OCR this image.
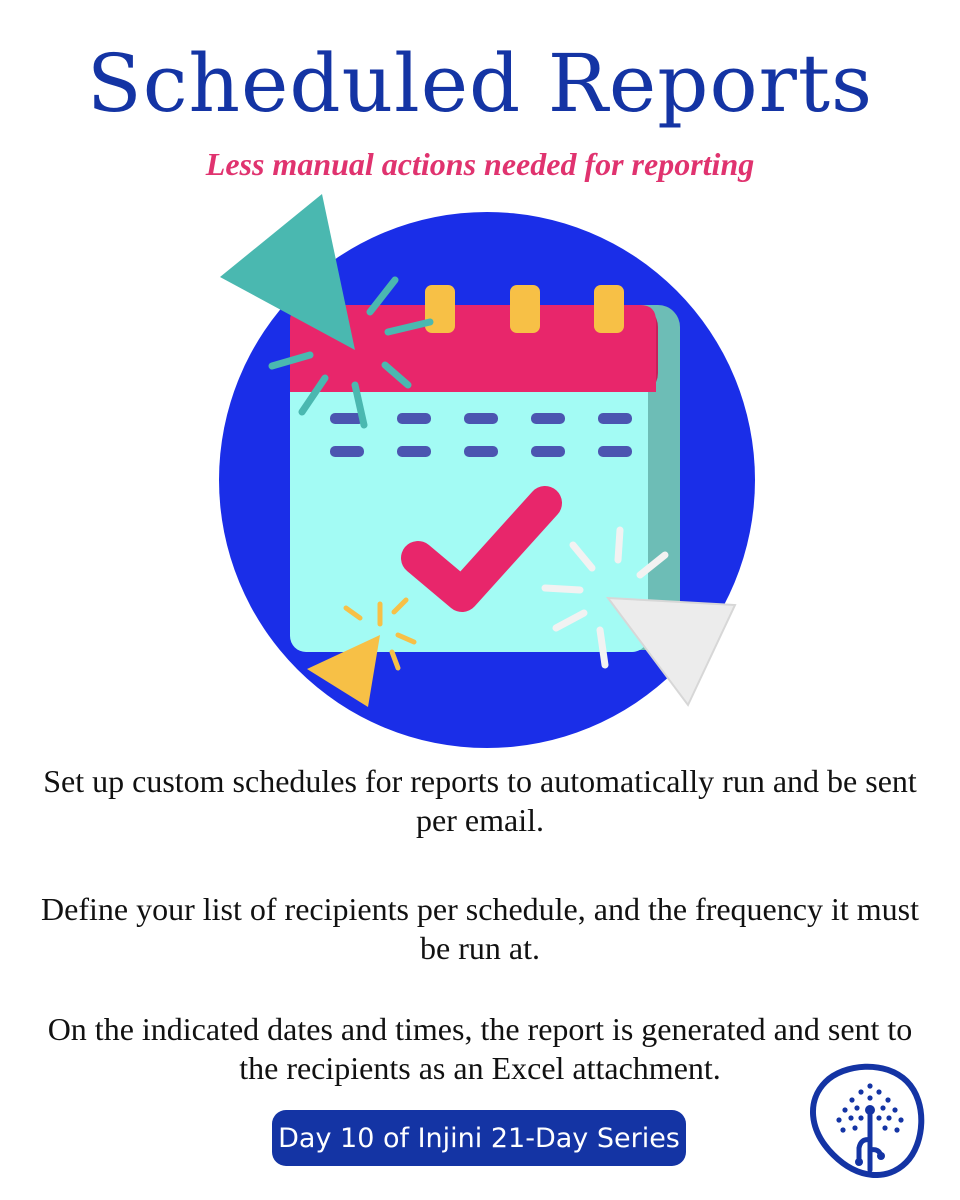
Scheduled Reports
Less manual actions needed for reporting
Set up custom schedules for reports to automatically run and be sent per email.
Define your list of recipients per schedule, and the frequency it must be run at.
On the indicated dates and times, the report is generated and sent to the recipients as an Excel attachment.
Day 10 of Injini 21-Day Series
